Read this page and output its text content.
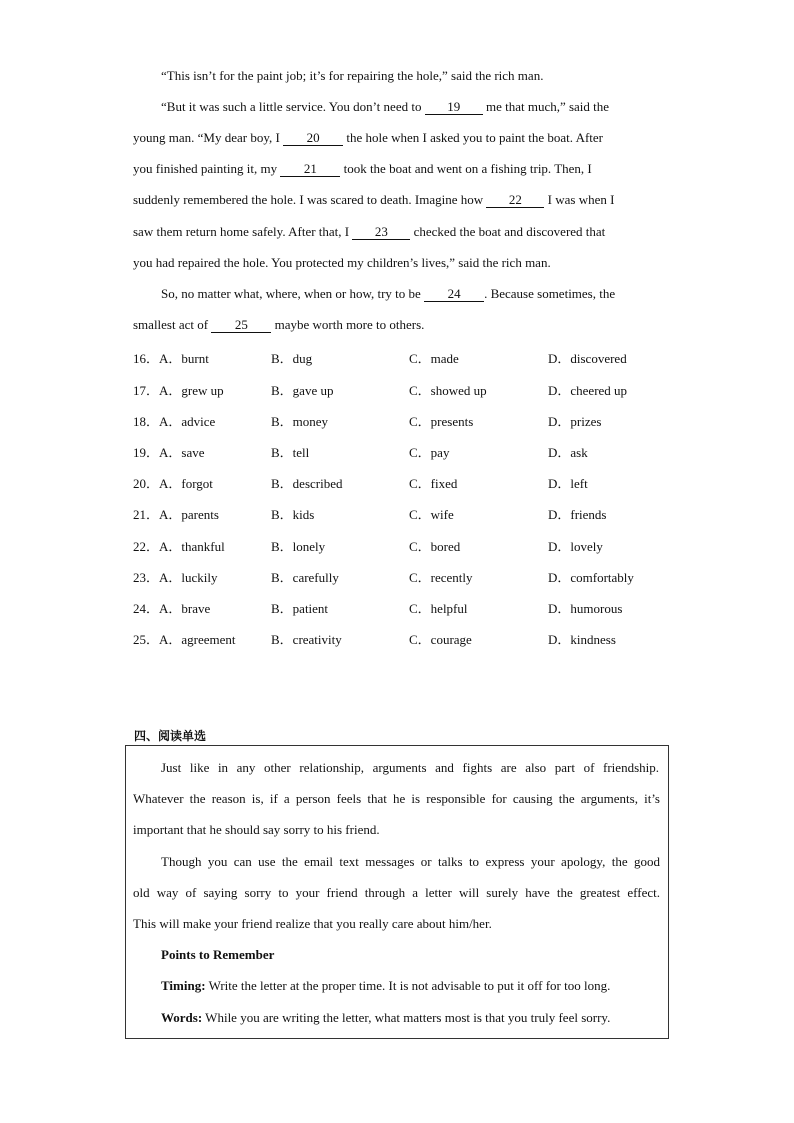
“This isn’t for the paint job; it’s for repairing the hole,” said the rich man.
“But it was such a little service. You don’t need to 19 me that much,” said the
young man. “My dear boy, I 20 the hole when I asked you to paint the boat. After
you finished painting it, my 21 took the boat and went on a fishing trip. Then, I
suddenly remembered the hole. I was scared to death. Imagine how 22 I was when I
saw them return home safely. After that, I 23 checked the boat and discovered that
you had repaired the hole. You protected my children’s lives,” said the rich man.
So, no matter what, where, when or how, try to be 24 . Because sometimes, the
smallest act of 25 maybe worth more to others.
16． A．burnt	B．dug	C．made	D．discovered
17． A．grew up	B．gave up	C．showed up	D．cheered up
18． A．advice	B．money	C．presents	D．prizes
19． A．save	B．tell	C．pay	D．ask
20． A．forgot	B．described	C．fixed	D．left
21． A．parents	B．kids	C．wife	D．friends
22． A．thankful	B．lonely	C．bored	D．lovely
23． A．luckily	B．carefully	C．recently	D．comfortably
24． A．brave	B．patient	C．helpful	D．humorous
25． A．agreement	B．creativity	C．courage	D．kindness
四、阅读单选
Just like in any other relationship, arguments and fights are also part of friendship.
Whatever the reason is, if a person feels that he is responsible for causing the arguments, it’s
important that he should say sorry to his friend.
Though you can use the email text messages or talks to express your apology, the good
old way of saying sorry to your friend through a letter will surely have the greatest effect.
This will make your friend realize that you really care about him/her.
Points to Remember
Timing: Write the letter at the proper time. It is not advisable to put it off for too long.
Words: While you are writing the letter, what matters most is that you truly feel sorry.
